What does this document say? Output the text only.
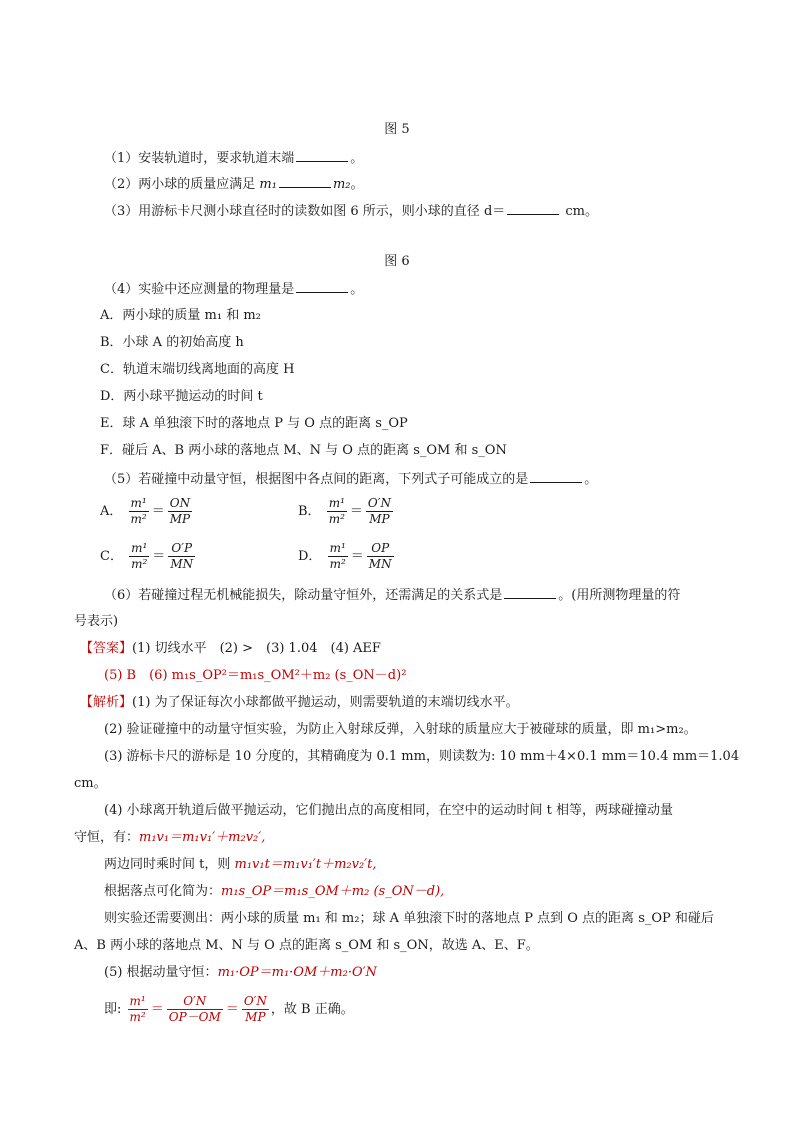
图 5
（1）安装轨道时，要求轨道末端	。
（2）两小球的质量应满足 m₁	m₂。
（3）用游标卡尺测小球直径时的读数如图 6 所示，则小球的直径 d＝	cm。
图 6
（4）实验中还应测量的物理量是	。
A．两小球的质量 m₁ 和 m₂
B．小球 A 的初始高度 h
C．轨道末端切线离地面的高度 H
D．两小球平抛运动的时间 t
E．球 A 单独滚下时的落地点 P 与 O 点的距离 s_OP
F．碰后 A、B 两小球的落地点 M、N 与 O 点的距离 s_OM 和 s_ON
（5）若碰撞中动量守恒，根据图中各点间的距离，下列式子可能成立的是	。
A． $\frac{\text{m¹}}{\text{m²}} = \frac{ON}{MP}$	B． $\frac{\text{m¹}}{\text{m²}} = \frac{O'N}{MP}$
C． $\frac{\text{m¹}}{\text{m²}} = \frac{O'P}{MN}$	D． $\frac{\text{m¹}}{\text{m²}} = \frac{OP}{MN}$
（6）若碰撞过程无机械能损失，除动量守恒外，还需满足的关系式是	。(用所测物理量的符
号表示)
【答案】(1) 切线水平　(2) >　(3) 1.04　(4) AEF
(5) B　(6) m₁s_OP²＝m₁s_OM²＋m₂ (s_ON－d)²
【解析】(1) 为了保证每次小球都做平抛运动，则需要轨道的末端切线水平。
(2) 验证碰撞中的动量守恒实验，为防止入射球反弹，入射球的质量应大于被碰球的质量，即 m₁>m₂。
(3) 游标卡尺的游标是 10 分度的，其精确度为 0.1 mm，则读数为: 10 mm＋4×0.1 mm＝10.4 mm＝1.04
cm。
(4) 小球离开轨道后做平抛运动，它们抛出点的高度相同，在空中的运动时间 t 相等，两球碰撞动量
守恒，有：m₁v₁＝m₁v₁′＋m₂v₂′,
两边同时乘时间 t，则 m₁v₁t＝m₁v₁′t＋m₂v₂′t,
根据落点可化简为：m₁s_OP＝m₁s_OM＋m₂ (s_ON－d),
则实验还需要测出：两小球的质量 m₁ 和 m₂；球 A 单独滚下时的落地点 P 点到 O 点的距离 s_OP 和碰后
A、B 两小球的落地点 M、N 与 O 点的距离 s_OM 和 s_ON，故选 A、E、F。
(5) 根据动量守恒：m₁·OP＝m₁·OM＋m₂·O′N
即: $\frac{\text{m¹}}{\text{m²}} = \frac{O'N}{OP-OM} = \frac{O'N}{MP}$ ，故 B 正确。
